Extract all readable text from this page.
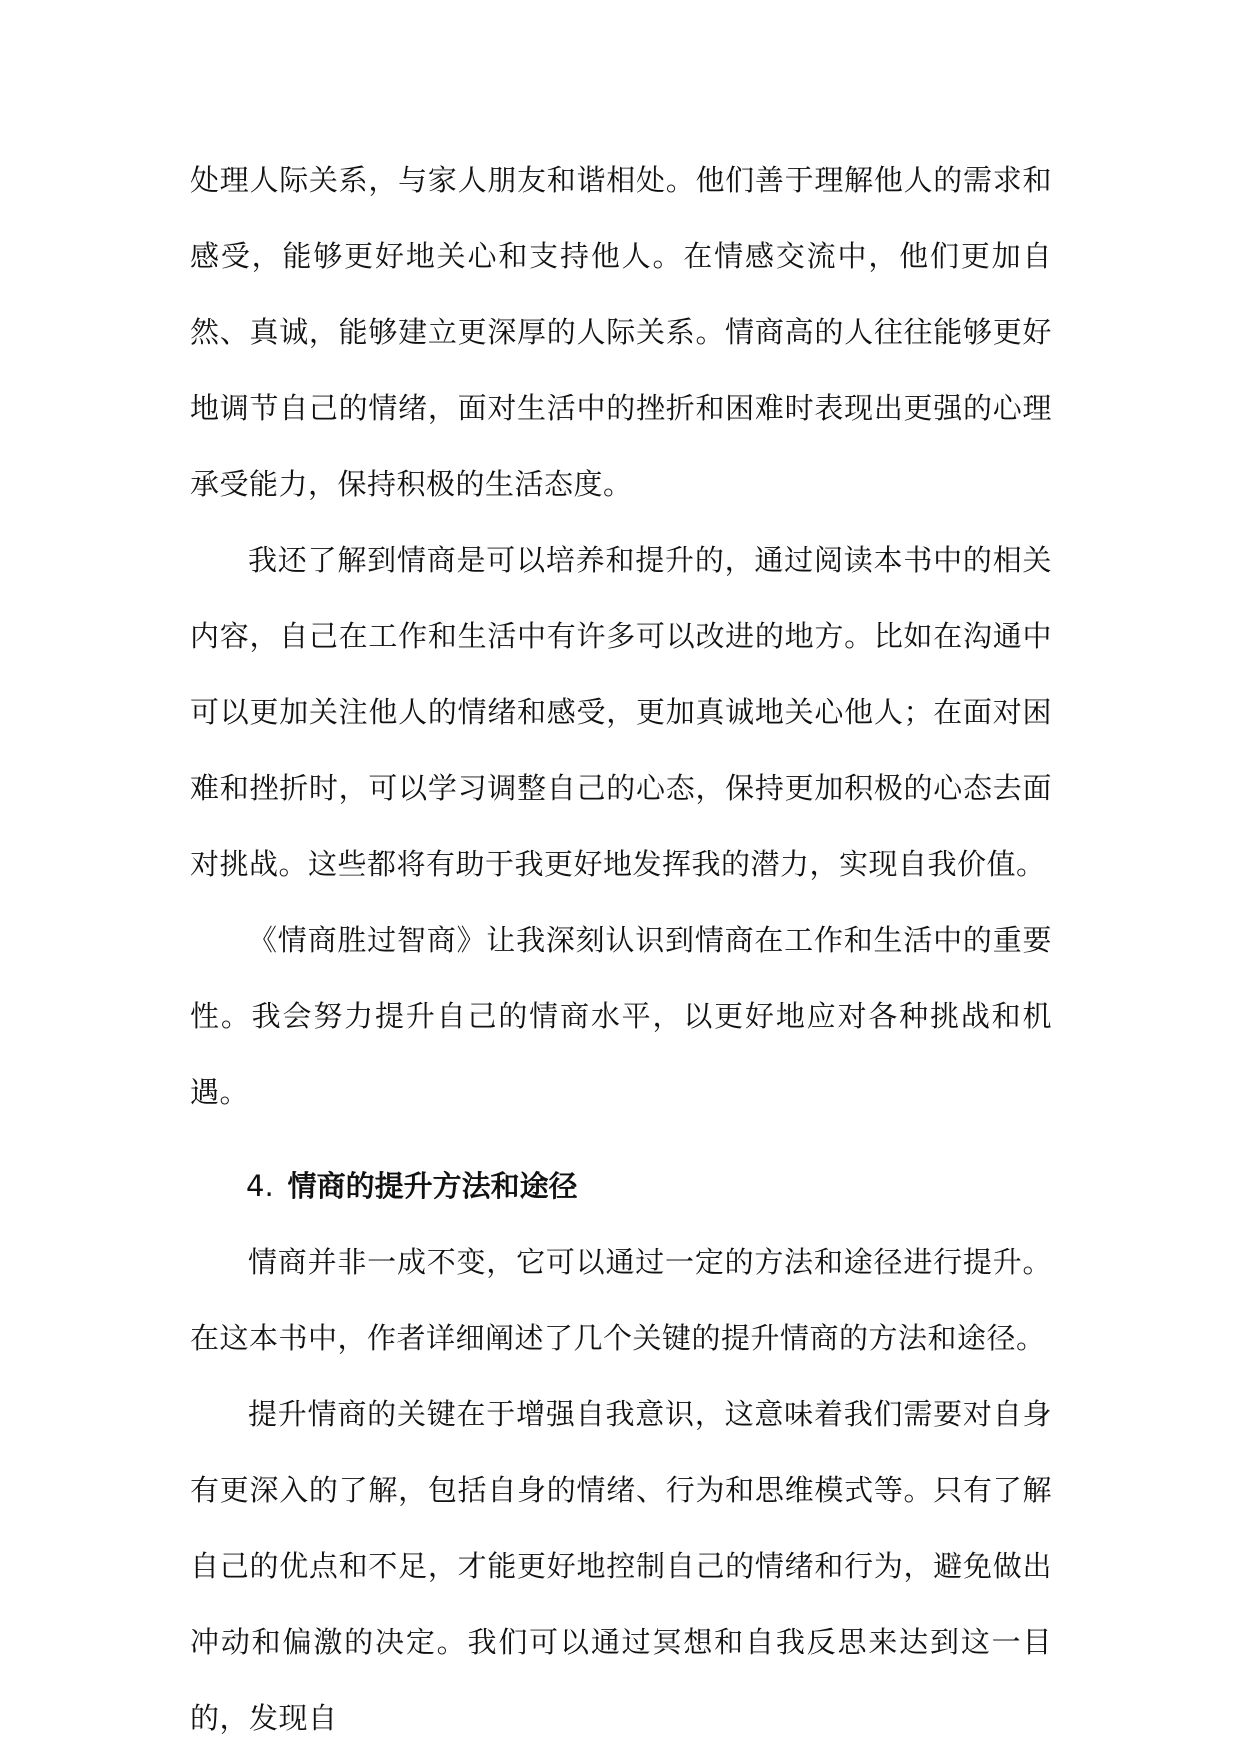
处理人际关系，与家人朋友和谐相处。他们善于理解他人的需求和感受，能够更好地关心和支持他人。在情感交流中，他们更加自然、真诚，能够建立更深厚的人际关系。情商高的人往往能够更好地调节自己的情绪，面对生活中的挫折和困难时表现出更强的心理承受能力，保持积极的生活态度。

我还了解到情商是可以培养和提升的，通过阅读本书中的相关内容，自己在工作和生活中有许多可以改进的地方。比如在沟通中可以更加关注他人的情绪和感受，更加真诚地关心他人；在面对困难和挫折时，可以学习调整自己的心态，保持更加积极的心态去面对挑战。这些都将有助于我更好地发挥我的潜力，实现自我价值。

《情商胜过智商》让我深刻认识到情商在工作和生活中的重要性。我会努力提升自己的情商水平，以更好地应对各种挑战和机遇。

4. 情商的提升方法和途径

情商并非一成不变，它可以通过一定的方法和途径进行提升。在这本书中，作者详细阐述了几个关键的提升情商的方法和途径。

提升情商的关键在于增强自我意识，这意味着我们需要对自身有更深入的了解，包括自身的情绪、行为和思维模式等。只有了解自己的优点和不足，才能更好地控制自己的情绪和行为，避免做出冲动和偏激的决定。我们可以通过冥想和自我反思来达到这一目的，发现自
